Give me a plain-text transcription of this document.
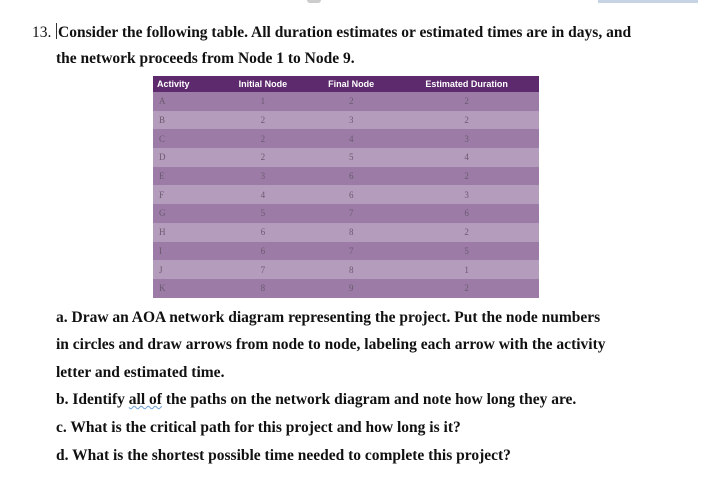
13. Consider the following table. All duration estimates or estimated times are in days, and
the network proceeds from Node 1 to Node 9.
Activity	Initial Node	Final Node	Estimated Duration
A	1	2	2
B	2	3	2
C	2	4	3
D	2	5	4
E	3	6	2
F	4	6	3
G	5	7	6
H	6	8	2
I	6	7	5
J	7	8	1
K	8	9	2
a. Draw an AOA network diagram representing the project. Put the node numbers
in circles and draw arrows from node to node, labeling each arrow with the activity
letter and estimated time.
b. Identify all of the paths on the network diagram and note how long they are.
c. What is the critical path for this project and how long is it?
d. What is the shortest possible time needed to complete this project?
